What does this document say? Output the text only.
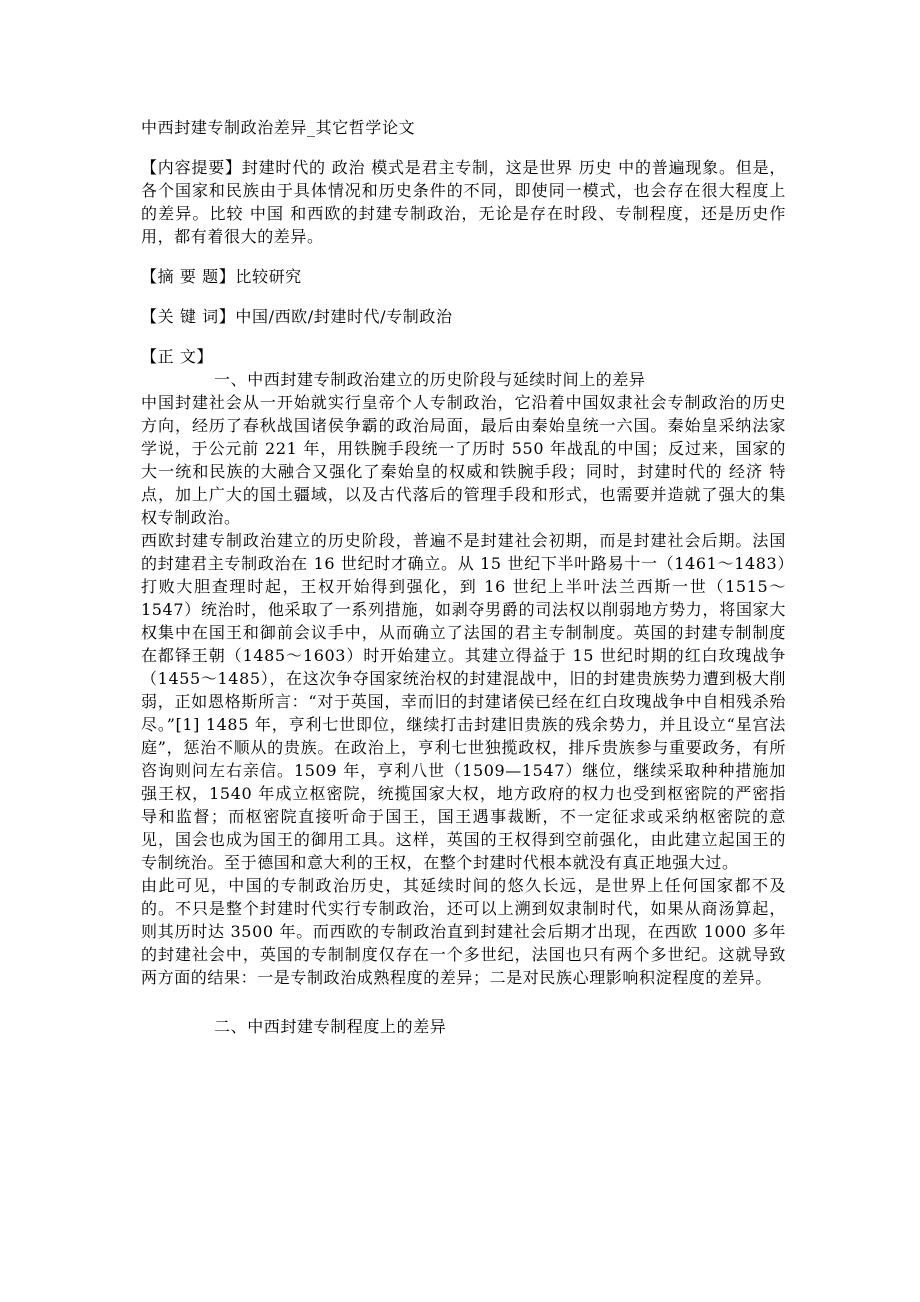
中西封建专制政治差异_其它哲学论文

【内容提要】封建时代的 政治 模式是君主专制，这是世界 历史 中的普遍现象。但是，各个国家和民族由于具体情况和历史条件的不同，即使同一模式，也会存在很大程度上的差异。比较 中国 和西欧的封建专制政治，无论是存在时段、专制程度，还是历史作用，都有着很大的差异。

【摘 要 题】比较研究

【关 键 词】中国/西欧/封建时代/专制政治

【正 文】

一、中西封建专制政治建立的历史阶段与延续时间上的差异

中国封建社会从一开始就实行皇帝个人专制政治，它沿着中国奴隶社会专制政治的历史方向，经历了春秋战国诸侯争霸的政治局面，最后由秦始皇统一六国。秦始皇采纳法家学说，于公元前 221 年，用铁腕手段统一了历时 550 年战乱的中国；反过来，国家的大一统和民族的大融合又强化了秦始皇的权威和铁腕手段；同时，封建时代的 经济 特点，加上广大的国土疆域，以及古代落后的管理手段和形式，也需要并造就了强大的集权专制政治。

西欧封建专制政治建立的历史阶段，普遍不是封建社会初期，而是封建社会后期。法国的封建君主专制政治在 16 世纪时才确立。从 15 世纪下半叶路易十一（1461～1483）打败大胆查理时起，王权开始得到强化，到 16 世纪上半叶法兰西斯一世（1515～1547）统治时，他采取了一系列措施，如剥夺男爵的司法权以削弱地方势力，将国家大权集中在国王和御前会议手中，从而确立了法国的君主专制制度。英国的封建专制制度在都铎王朝（1485～1603）时开始建立。其建立得益于 15 世纪时期的红白玫瑰战争（1455～1485），在这次争夺国家统治权的封建混战中，旧的封建贵族势力遭到极大削弱，正如恩格斯所言：“对于英国，幸而旧的封建诸侯已经在红白玫瑰战争中自相残杀殆尽。”[1] 1485 年，亨利七世即位，继续打击封建旧贵族的残余势力，并且设立“星宫法庭”，惩治不顺从的贵族。在政治上，亨利七世独揽政权，排斥贵族参与重要政务，有所咨询则问左右亲信。1509 年，亨利八世（1509—1547）继位，继续采取种种措施加强王权，1540 年成立枢密院，统揽国家大权，地方政府的权力也受到枢密院的严密指导和监督；而枢密院直接听命于国王，国王遇事裁断，不一定征求或采纳枢密院的意见，国会也成为国王的御用工具。这样，英国的王权得到空前强化，由此建立起国王的专制统治。至于德国和意大利的王权，在整个封建时代根本就没有真正地强大过。

由此可见，中国的专制政治历史，其延续时间的悠久长远，是世界上任何国家都不及的。不只是整个封建时代实行专制政治，还可以上溯到奴隶制时代，如果从商汤算起，则其历时达 3500 年。而西欧的专制政治直到封建社会后期才出现，在西欧 1000 多年的封建社会中，英国的专制制度仅存在一个多世纪，法国也只有两个多世纪。这就导致两方面的结果：一是专制政治成熟程度的差异；二是对民族心理影响积淀程度的差异。

二、中西封建专制程度上的差异
